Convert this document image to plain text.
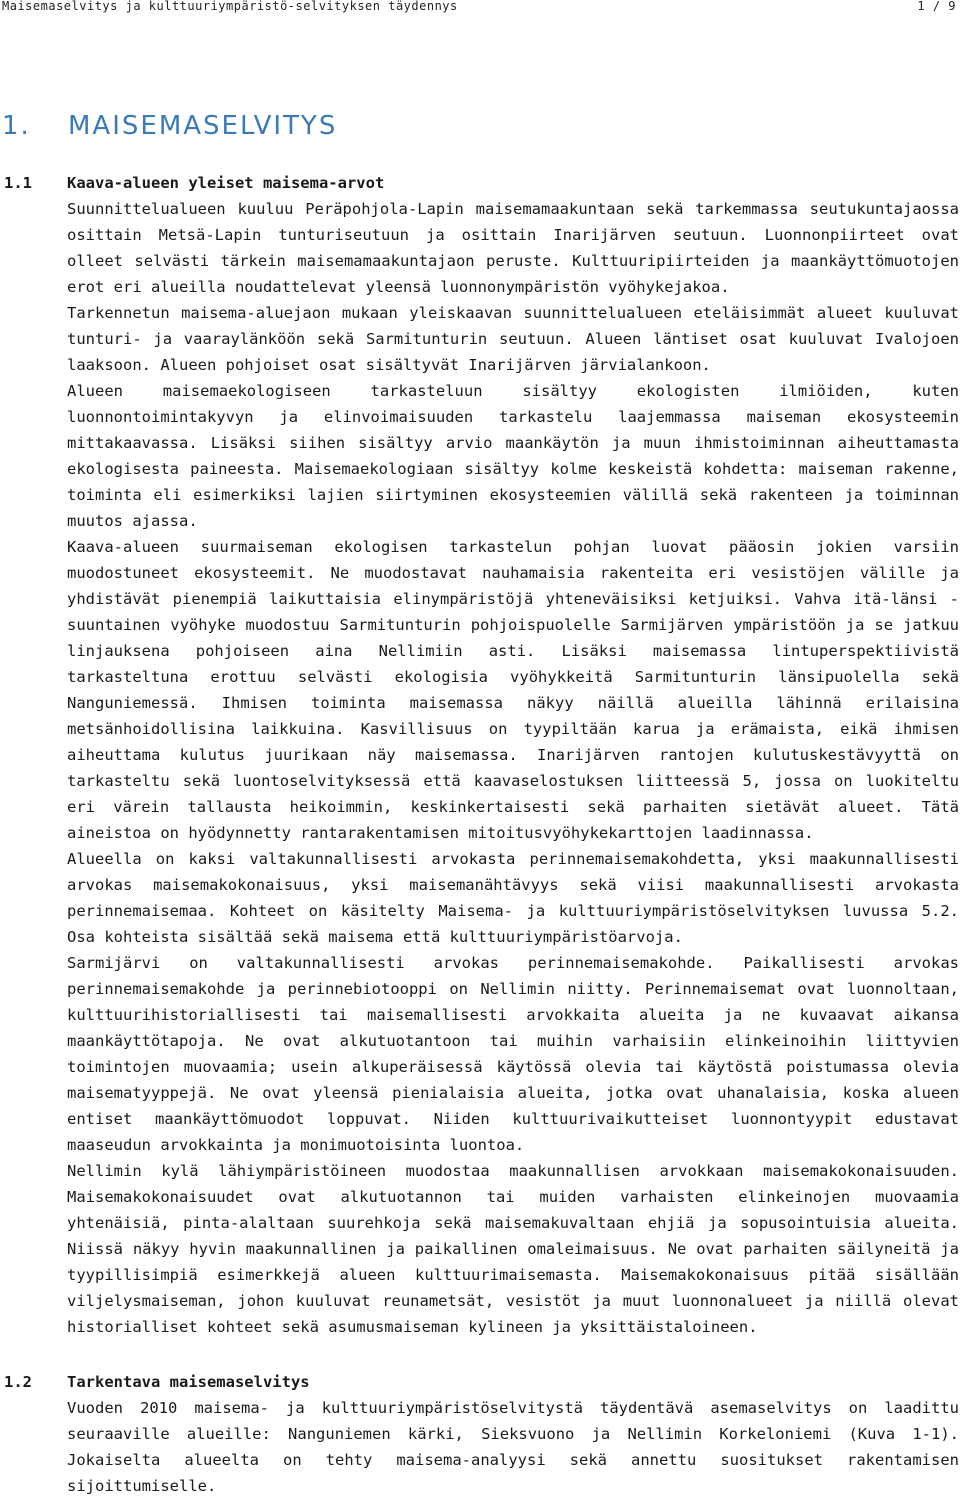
Maisemaselvitys ja kulttuuriympäristö-selvityksen täydennys	1 / 9
1. MAISEMASELVITYS
1.1 Kaava-alueen yleiset maisema-arvot

Suunnittelualueen kuuluu Peräpohjola-Lapin maisemamaakuntaan sekä tarkemmassa seutukuntajaossa osittain Metsä-Lapin tunturiseutuun ja osittain Inarijärven seutuun. Luonnonpiirteet ovat olleet selvästi tärkein maisemamaakuntajaon peruste. Kulttuuripiirteiden ja maankäyttömuotojen erot eri alueilla noudattelevat yleensä luonnonympäristön vyöhykejakoa.

Tarkennetun maisema-aluejaon mukaan yleiskaavan suunnittelualueen eteläisimmät alueet kuuluvat tunturi- ja vaaraylänköön sekä Sarmitunturin seutuun. Alueen läntiset osat kuuluvat Ivalojoen laaksoon. Alueen pohjoiset osat sisältyvät Inarijärven järvialankoon.

Alueen maisemaekologiseen tarkasteluun sisältyy ekologisten ilmiöiden, kuten luonnontoimintakyvyn ja elinvoimaisuuden tarkastelu laajemmassa maiseman ekosysteemin mittakaavassa. Lisäksi siihen sisältyy arvio maankäytön ja muun ihmistoiminnan aiheuttamasta ekologisesta paineesta. Maisemaekologiaan sisältyy kolme keskeistä kohdetta: maiseman rakenne, toiminta eli esimerkiksi lajien siirtyminen ekosysteemien välillä sekä rakenteen ja toiminnan muutos ajassa.

Kaava-alueen suurmaiseman ekologisen tarkastelun pohjan luovat pääosin jokien varsiin muodostuneet ekosysteemit. Ne muodostavat nauhamaisia rakenteita eri vesistöjen välille ja yhdistävät pienempiä laikuttaisia elinympäristöjä yhteneväisiksi ketjuiksi. Vahva itä-länsi - suuntainen vyöhyke muodostuu Sarmitunturin pohjoispuolelle Sarmijärven ympäristöön ja se jatkuu linjauksena pohjoiseen aina Nellimiin asti. Lisäksi maisemassa lintuperspektiivistä tarkasteltuna erottuu selvästi ekologisia vyöhykkeitä Sarmitunturin länsipuolella sekä Nanguniemessä. Ihmisen toiminta maisemassa näkyy näillä alueilla lähinnä erilaisina metsänhoidollisina laikkuina. Kasvillisuus on tyypiltään karua ja erämaista, eikä ihmisen aiheuttama kulutus juurikaan näy maisemassa. Inarijärven rantojen kulutuskestävyyttä on tarkasteltu sekä luontoselvityksessä että kaavaselostuksen liitteessä 5, jossa on luokiteltu eri värein tallausta heikoimmin, keskinkertaisesti sekä parhaiten sietävät alueet. Tätä aineistoa on hyödynnetty rantarakentamisen mitoitusvyöhykekarttojen laadinnassa.

Alueella on kaksi valtakunnallisesti arvokasta perinnemaisemakohdetta, yksi maakunnallisesti arvokas maisemakokonaisuus, yksi maisemanähtävyys sekä viisi maakunnallisesti arvokasta perinnemaisemaa. Kohteet on käsitelty Maisema- ja kulttuuriympäristöselvityksen luvussa 5.2. Osa kohteista sisältää sekä maisema että kulttuuriympäristöarvoja.

Sarmijärvi on valtakunnallisesti arvokas perinnemaisemakohde. Paikallisesti arvokas perinnemaisemakohde ja perinnebiotooppi on Nellimin niitty. Perinnemaisemat ovat luonnoltaan, kulttuurihistoriallisesti tai maisemallisesti arvokkaita alueita ja ne kuvaavat aikansa maankäyttötapoja. Ne ovat alkutuotantoon tai muihin varhaisiin elinkeinoihin liittyvien toimintojen muovaamia; usein alkuperäisessä käytössä olevia tai käytöstä poistumassa olevia maisematyyppejä. Ne ovat yleensä pienialaisia alueita, jotka ovat uhanalaisia, koska alueen entiset maankäyttömuodot loppuvat. Niiden kulttuurivaikutteiset luonnontyypit edustavat maaseudun arvokkainta ja monimuotoisinta luontoa.

Nellimin kylä lähiympäristöineen muodostaa maakunnallisen arvokkaan maisemakokonaisuuden. Maisemakokonaisuudet ovat alkutuotannon tai muiden varhaisten elinkeinojen muovaamia yhtenäisiä, pinta-alaltaan suurehkoja sekä maisemakuvaltaan ehjiä ja sopusointuisia alueita. Niissä näkyy hyvin maakunnallinen ja paikallinen omaleimaisuus. Ne ovat parhaiten säilyneitä ja tyypillisimpiä esimerkkejä alueen kulttuurimaisemasta. Maisemakokonaisuus pitää sisällään viljelysmaiseman, johon kuuluvat reunametsät, vesistöt ja muut luonnonalueet ja niillä olevat historialliset kohteet sekä asumusmaiseman kylineen ja yksittäistaloineen.

1.2 Tarkentava maisemaselvitys

Vuoden 2010 maisema- ja kulttuuriympäristöselvitystä täydentävä asemaselvitys on laadittu seuraaville alueille: Nanguniemen kärki, Sieksvuono ja Nellimin Korkeloniemi (Kuva 1-1). Jokaiselta alueelta on tehty maisema-analyysi sekä annettu suositukset rakentamisen sijoittumiselle.
